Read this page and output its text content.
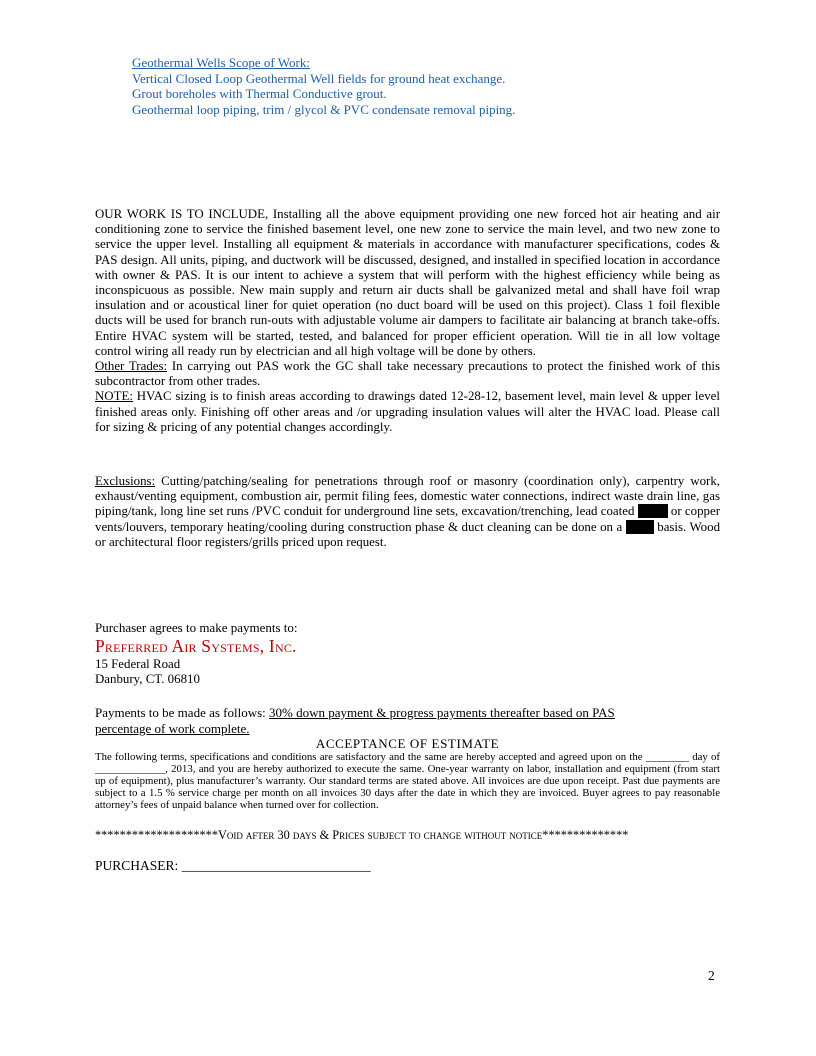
Geothermal Wells Scope of Work:
Vertical Closed Loop Geothermal Well fields for ground heat exchange.
Grout boreholes with Thermal Conductive grout.
Geothermal loop piping, trim / glycol & PVC condensate removal piping.

OUR WORK IS TO INCLUDE, Installing all the above equipment providing one new forced hot air heating and air conditioning zone to service the finished basement level, one new zone to service the main level, and two new zone to service the upper level. Installing all equipment & materials in accordance with manufacturer specifications, codes & PAS design. All units, piping, and ductwork will be discussed, designed, and installed in specified location in accordance with owner & PAS. It is our intent to achieve a system that will perform with the highest efficiency while being as inconspicuous as possible. New main supply and return air ducts shall be galvanized metal and shall have foil wrap insulation and or acoustical liner for quiet operation (no duct board will be used on this project). Class 1 foil flexible ducts will be used for branch run-outs with adjustable volume air dampers to facilitate air balancing at branch take-offs. Entire HVAC system will be started, tested, and balanced for proper efficient operation. Will tie in all low voltage control wiring all ready run by electrician and all high voltage will be done by others.

Other Trades: In carrying out PAS work the GC shall take necessary precautions to protect the finished work of this subcontractor from other trades.

NOTE: HVAC sizing is to finish areas according to drawings dated 12-28-12, basement level, main level & upper level finished areas only. Finishing off other areas and /or upgrading insulation values will alter the HVAC load. Please call for sizing & pricing of any potential changes accordingly.

Exclusions: Cutting/patching/sealing for penetrations through roof or masonry (coordination only), carpentry work, exhaust/venting equipment, combustion air, permit filing fees, domestic water connections, indirect waste drain line, gas piping/tank, long line set runs /PVC conduit for underground line sets, excavation/trenching, lead coated  or copper vents/louvers, temporary heating/cooling during construction phase & duct cleaning can be done on a  basis. Wood or architectural floor registers/grills priced upon request.

Purchaser agrees to make payments to:
Preferred Air Systems, Inc.
15 Federal Road
Danbury, CT. 06810
Payments to be made as follows: 30% down payment & progress payments thereafter based on PAS
percentage of work complete.
ACCEPTANCE OF ESTIMATE

The following terms, specifications and conditions are satisfactory and the same are hereby accepted and agreed upon on the ________ day of _____________, 2013, and you are hereby authorized to execute the same. One-year warranty on labor, installation and equipment (from start up of equipment), plus manufacturer’s warranty. Our standard terms are stated above. All invoices are due upon receipt. Past due payments are subject to a 1.5 % service charge per month on all invoices 30 days after the date in which they are invoiced. Buyer agrees to pay reasonable attorney’s fees of unpaid balance when turned over for collection.

********************Void after 30 days & Prices subject to change without notice**************
PURCHASER: ____________________________
2
